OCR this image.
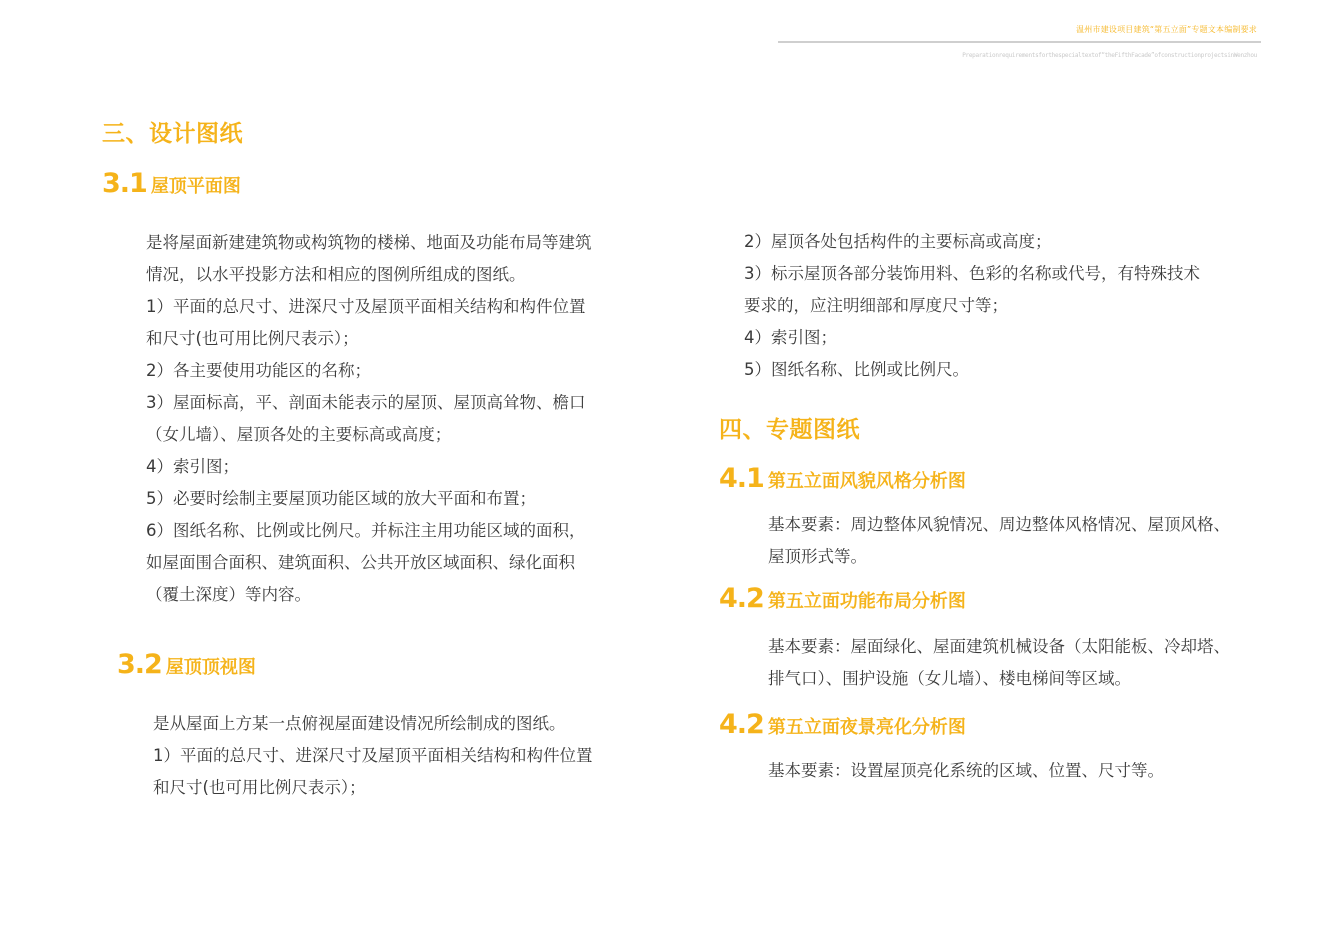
温州市建设项目建筑“第五立面”专题文本编制要求
Preparationrequirementsforthespecialtextof“theFifthFacade”ofconstructionprojectsinWenzhou
三、设计图纸
3.1 屋顶平面图

是将屋面新建建筑物或构筑物的楼梯、地面及功能布局等建筑

情况，以水平投影方法和相应的图例所组成的图纸。

1）平面的总尺寸、进深尺寸及屋顶平面相关结构和构件位置

和尺寸(也可用比例尺表示）；

2）各主要使用功能区的名称；

3）屋面标高，平、剖面未能表示的屋顶、屋顶高耸物、檐口

（女儿墙）、屋顶各处的主要标高或高度；

4）索引图；

5）必要时绘制主要屋顶功能区域的放大平面和布置；

6）图纸名称、比例或比例尺。并标注主用功能区域的面积，

如屋面围合面积、建筑面积、公共开放区域面积、绿化面积

（覆土深度）等内容。

3.2 屋顶顶视图

是从屋面上方某一点俯视屋面建设情况所绘制成的图纸。

1）平面的总尺寸、进深尺寸及屋顶平面相关结构和构件位置

和尺寸(也可用比例尺表示）；

2）屋顶各处包括构件的主要标高或高度；

3）标示屋顶各部分装饰用料、色彩的名称或代号，有特殊技术

要求的，应注明细部和厚度尺寸等；

4）索引图；

5）图纸名称、比例或比例尺。

四、专题图纸
4.1 第五立面风貌风格分析图

基本要素：周边整体风貌情况、周边整体风格情况、屋顶风格、

屋顶形式等。

4.2 第五立面功能布局分析图

基本要素：屋面绿化、屋面建筑机械设备（太阳能板、冷却塔、

排气口）、围护设施（女儿墙）、楼电梯间等区域。

4.2 第五立面夜景亮化分析图

基本要素：设置屋顶亮化系统的区域、位置、尺寸等。
